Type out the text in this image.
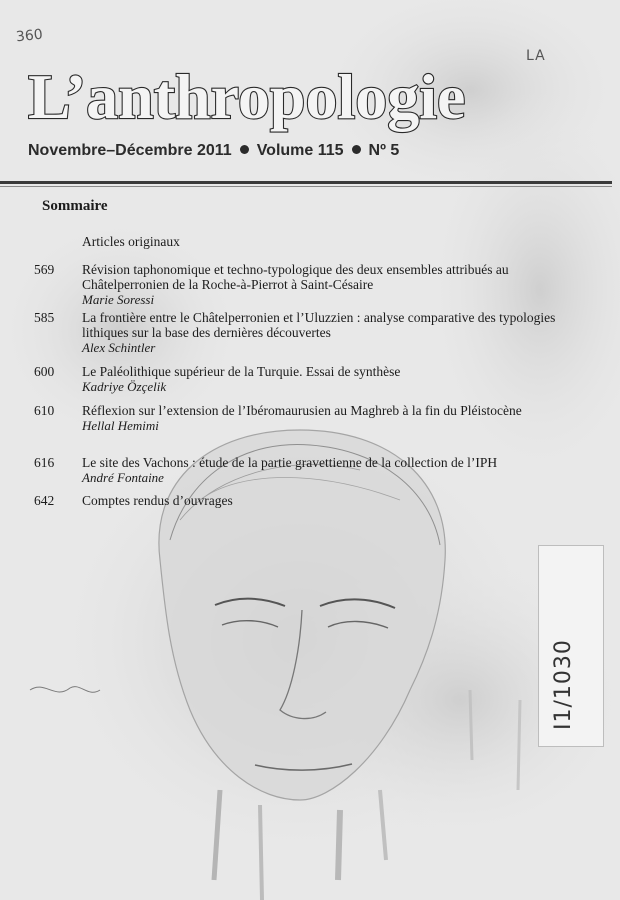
360
LA
L’anthropologie
Novembre–Décembre 2011 Volume 115 Nº 5
Sommaire
Articles originaux
569 Révision taphonomique et techno-typologique des deux ensembles attribués au Châtelperronien de la Roche-à-Pierrot à Saint-Césaire
Marie Soressi
585 La frontière entre le Châtelperronien et l’Uluzzien : analyse comparative des typologies lithiques sur la base des dernières découvertes
Alex Schintler
600 Le Paléolithique supérieur de la Turquie. Essai de synthèse
Kadriye Özçelik
610 Réflexion sur l’extension de l’Ibéromaurusien au Maghreb à la fin du Pléistocène
Hellal Hemimi
616 Le site des Vachons : étude de la partie gravettienne de la collection de l’IPH
André Fontaine
642 Comptes rendus d’ouvrages
I1/1030
